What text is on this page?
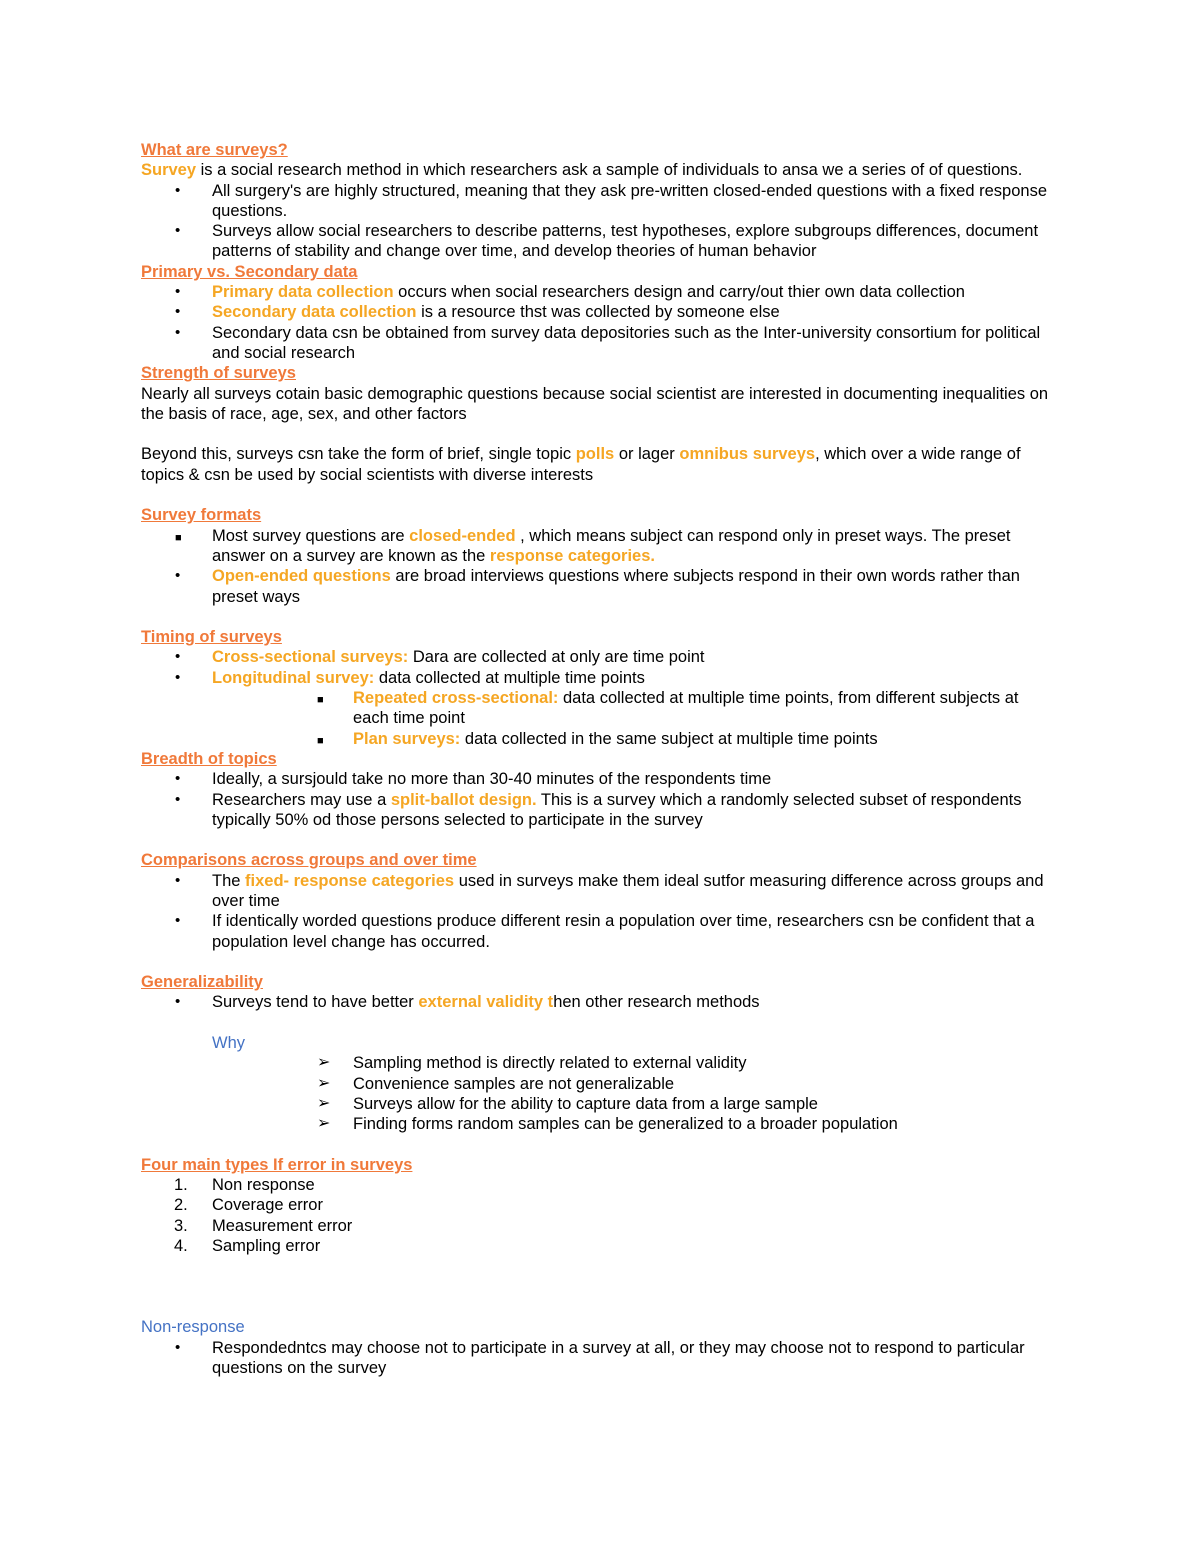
What are surveys?

Survey is a social research method in which researchers ask a sample of individuals to ansa we a series of of questions.

• All surgery's are highly structured, meaning that they ask pre-written closed-ended questions with a fixed response questions.
• Surveys allow social researchers to describe patterns, test hypotheses, explore subgroups differences, document patterns of stability and change over time, and develop theories of human behavior

Primary vs. Secondary data

• Primary data collection occurs when social researchers design and carry/out thier own data collection
• Secondary data collection is a resource thst was collected by someone else
• Secondary data csn be obtained from survey data depositories such as the Inter-university consortium for political and social research

Strength of surveys

Nearly all surveys cotain basic demographic questions because social scientist are interested in documenting inequalities on the basis of race, age, sex, and other factors

Beyond this, surveys csn take the form of brief, single topic polls or lager omnibus surveys, which over a wide range of topics & csn be used by social scientists with diverse interests

Survey formats

■ Most survey questions are closed-ended , which means subject can respond only in preset ways. The preset answer on a survey are known as the response categories.
• Open-ended questions are broad interviews questions where subjects respond in their own words rather than preset ways

Timing of surveys

• Cross-sectional surveys: Dara are collected at only are time point
• Longitudinal survey: data collected at multiple time points
■ Repeated cross-sectional: data collected at multiple time points, from different subjects at each time point
■ Plan surveys: data collected in the same subject at multiple time points

Breadth of topics

• Ideally, a sursjould take no more than 30-40 minutes of the respondents time
• Researchers may use a split-ballot design. This is a survey which a randomly selected subset of respondents typically 50% od those persons selected to participate in the survey

Comparisons across groups and over time

• The fixed- response categories used in surveys make them ideal sutfor measuring difference across groups and over time
• If identically worded questions produce different resin a population over time, researchers csn be confident that a population level change has occurred.

Generalizability

• Surveys tend to have better external validity then other research methods

Why

➢ Sampling method is directly related to external validity
➢ Convenience samples are not generalizable
➢ Surveys allow for the ability to capture data from a large sample
➢ Finding forms random samples can be generalized to a broader population

Four main types If error in surveys

1. Non response
2. Coverage error
3. Measurement error
4. Sampling error

Non-response

• Respondedntcs may choose not to participate in a survey at all, or they may choose not to respond to particular questions on the survey
